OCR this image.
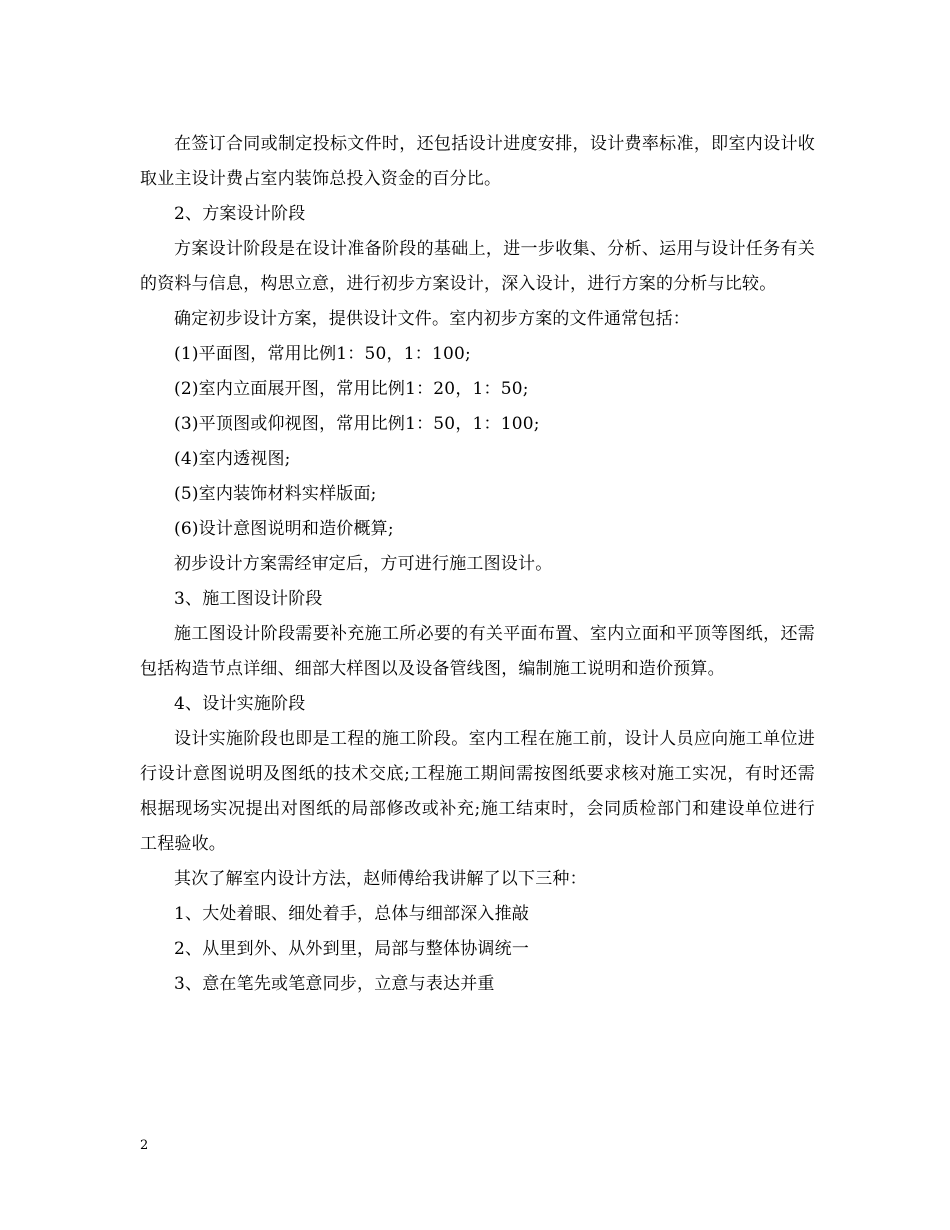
在签订合同或制定投标文件时，还包括设计进度安排，设计费率标准，即室内设计收取业主设计费占室内装饰总投入资金的百分比。

2、方案设计阶段

方案设计阶段是在设计准备阶段的基础上，进一步收集、分析、运用与设计任务有关的资料与信息，构思立意，进行初步方案设计，深入设计，进行方案的分析与比较。

确定初步设计方案，提供设计文件。室内初步方案的文件通常包括：

(1)平面图，常用比例1：50，1：100;

(2)室内立面展开图，常用比例1：20，1：50;

(3)平顶图或仰视图，常用比例1：50，1：100;

(4)室内透视图;

(5)室内装饰材料实样版面;

(6)设计意图说明和造价概算;

初步设计方案需经审定后，方可进行施工图设计。

3、施工图设计阶段

施工图设计阶段需要补充施工所必要的有关平面布置、室内立面和平顶等图纸，还需包括构造节点详细、细部大样图以及设备管线图，编制施工说明和造价预算。

4、设计实施阶段

设计实施阶段也即是工程的施工阶段。室内工程在施工前，设计人员应向施工单位进行设计意图说明及图纸的技术交底;工程施工期间需按图纸要求核对施工实况，有时还需根据现场实况提出对图纸的局部修改或补充;施工结束时，会同质检部门和建设单位进行工程验收。

其次了解室内设计方法，赵师傅给我讲解了以下三种：

1、大处着眼、细处着手，总体与细部深入推敲

2、从里到外、从外到里，局部与整体协调统一

3、意在笔先或笔意同步，立意与表达并重

2
